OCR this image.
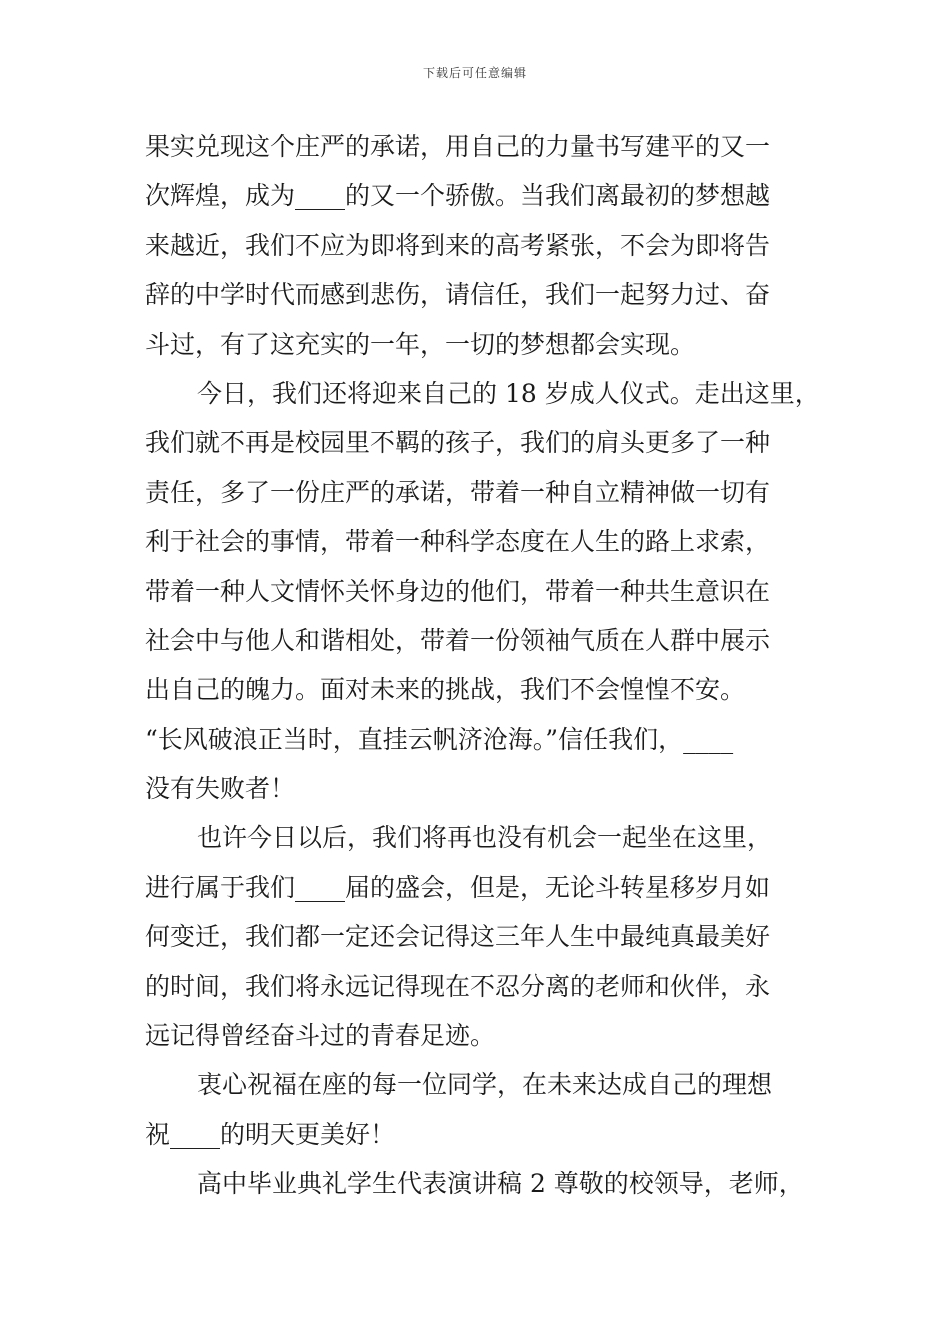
下载后可任意编辑
果实兑现这个庄严的承诺，用自己的力量书写建平的又一
次辉煌，成为____的又一个骄傲。当我们离最初的梦想越
来越近，我们不应为即将到来的高考紧张，不会为即将告
辞的中学时代而感到悲伤，请信任，我们一起努力过、奋
斗过，有了这充实的一年，一切的梦想都会实现。
今日，我们还将迎来自己的 18 岁成人仪式。走出这里，
我们就不再是校园里不羁的孩子，我们的肩头更多了一种
责任，多了一份庄严的承诺，带着一种自立精神做一切有
利于社会的事情，带着一种科学态度在人生的路上求索，
带着一种人文情怀关怀身边的他们，带着一种共生意识在
社会中与他人和谐相处，带着一份领袖气质在人群中展示
出自己的魄力。面对未来的挑战，我们不会惶惶不安。
“长风破浪正当时，直挂云帆济沧海。”信任我们，____
没有失败者！
也许今日以后，我们将再也没有机会一起坐在这里，
进行属于我们____届的盛会，但是，无论斗转星移岁月如
何变迁，我们都一定还会记得这三年人生中最纯真最美好
的时间，我们将永远记得现在不忍分离的老师和伙伴，永
远记得曾经奋斗过的青春足迹。
衷心祝福在座的每一位同学，在未来达成自己的理想
祝____的明天更美好！
高中毕业典礼学生代表演讲稿 2 尊敬的校领导，老师，
